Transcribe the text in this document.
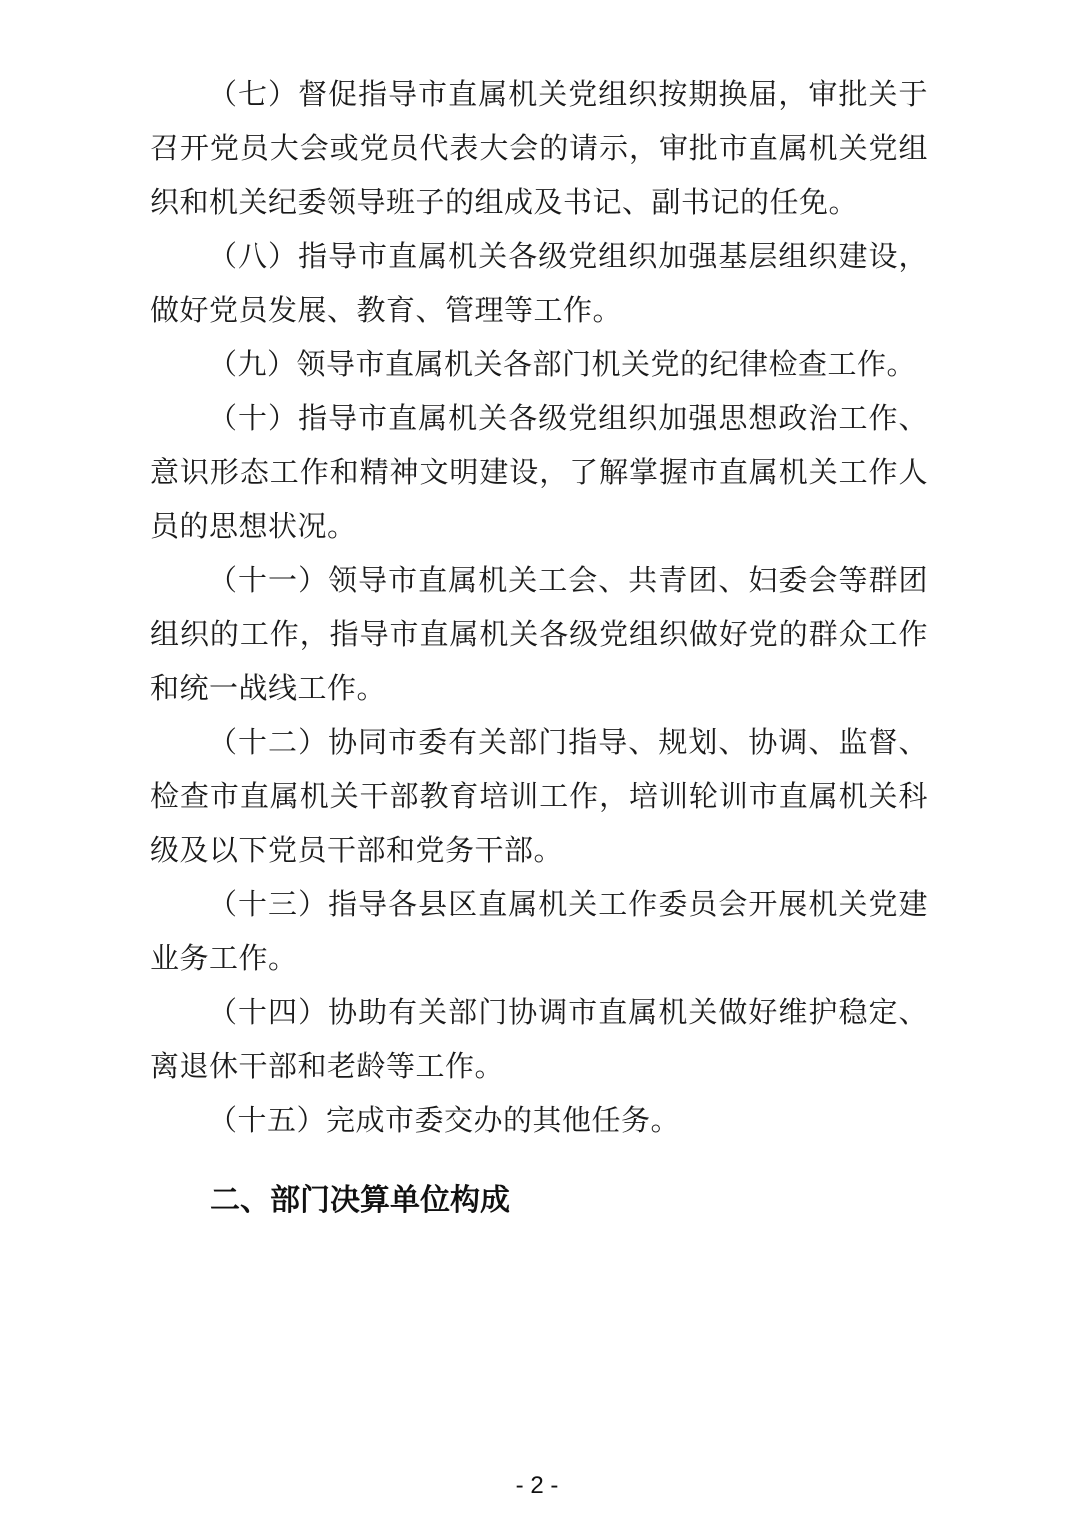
（七）督促指导市直属机关党组织按期换届，审批关于召开党员大会或党员代表大会的请示，审批市直属机关党组织和机关纪委领导班子的组成及书记、副书记的任免。

（八）指导市直属机关各级党组织加强基层组织建设，做好党员发展、教育、管理等工作。

（九）领导市直属机关各部门机关党的纪律检查工作。

（十）指导市直属机关各级党组织加强思想政治工作、意识形态工作和精神文明建设，了解掌握市直属机关工作人员的思想状况。

（十一）领导市直属机关工会、共青团、妇委会等群团组织的工作，指导市直属机关各级党组织做好党的群众工作和统一战线工作。

（十二）协同市委有关部门指导、规划、协调、监督、检查市直属机关干部教育培训工作，培训轮训市直属机关科级及以下党员干部和党务干部。

（十三）指导各县区直属机关工作委员会开展机关党建业务工作。

（十四）协助有关部门协调市直属机关做好维护稳定、离退休干部和老龄等工作。

（十五）完成市委交办的其他任务。

二、部门决算单位构成
- 2 -
